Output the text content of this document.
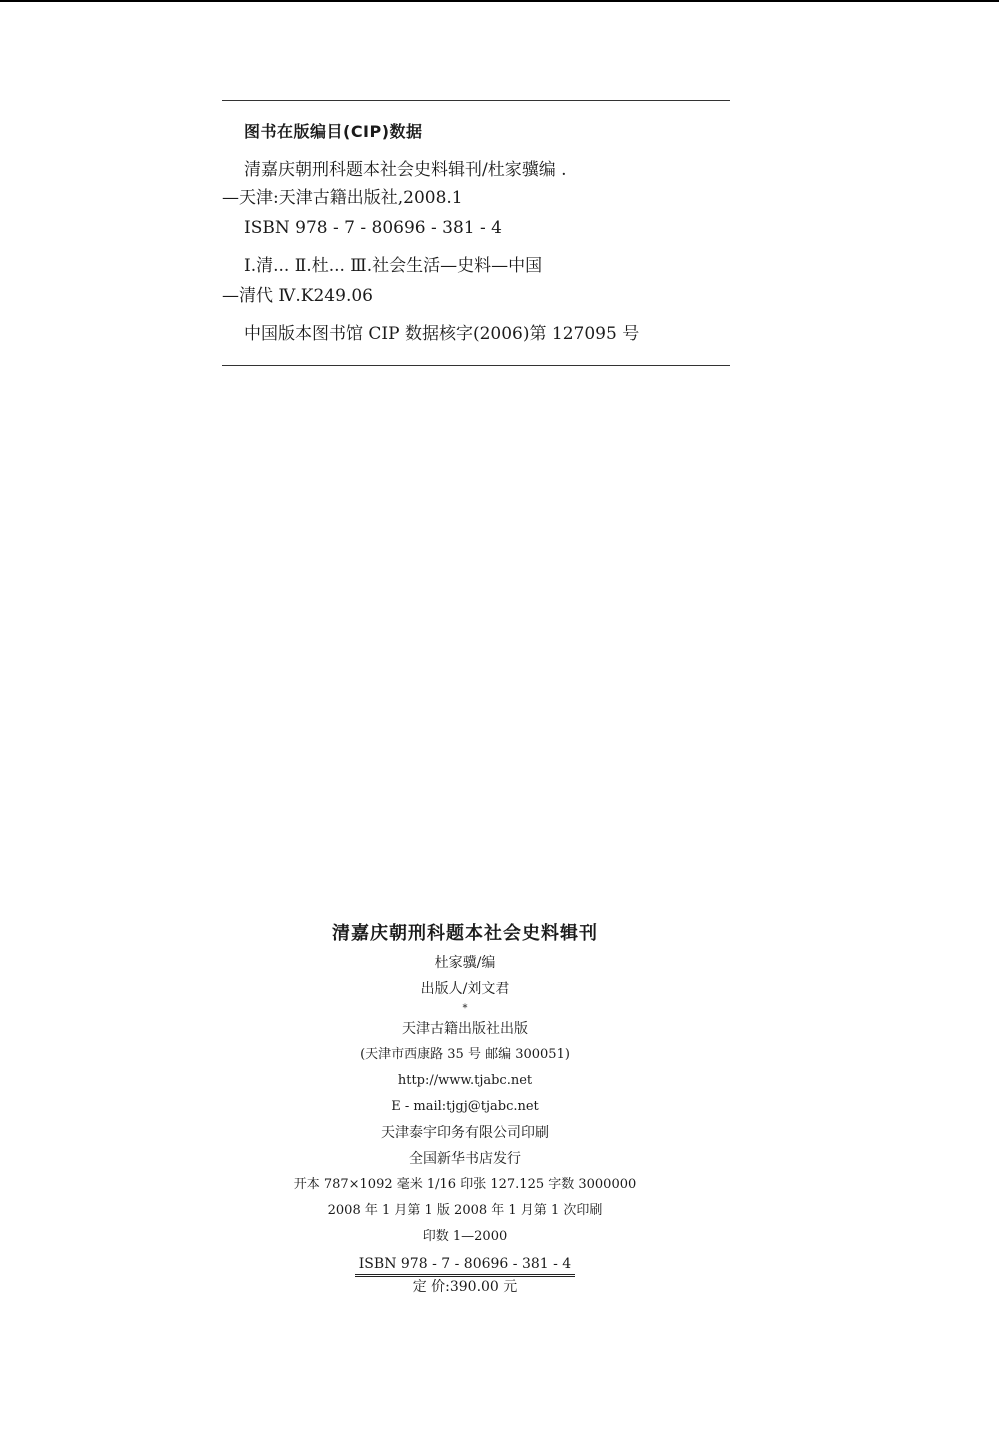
图书在版编目(CIP)数据
清嘉庆朝刑科题本社会史料辑刊/杜家骥编 .
—天津:天津古籍出版社,2008.1
ISBN 978 - 7 - 80696 - 381 - 4
Ⅰ.清... Ⅱ.杜... Ⅲ.社会生活—史料—中国
—清代 Ⅳ.K249.06
中国版本图书馆 CIP 数据核字(2006)第 127095 号
清嘉庆朝刑科题本社会史料辑刊
杜家骥/编
出版人/刘文君
*
天津古籍出版社出版
(天津市西康路 35 号 邮编 300051)
http://www.tjabc.net
E - mail:tjgj@tjabc.net
天津泰宇印务有限公司印刷
全国新华书店发行
开本 787×1092 毫米 1/16 印张 127.125 字数 3000000
2008 年 1 月第 1 版 2008 年 1 月第 1 次印刷
印数 1—2000
ISBN 978 - 7 - 80696 - 381 - 4
定 价:390.00 元
